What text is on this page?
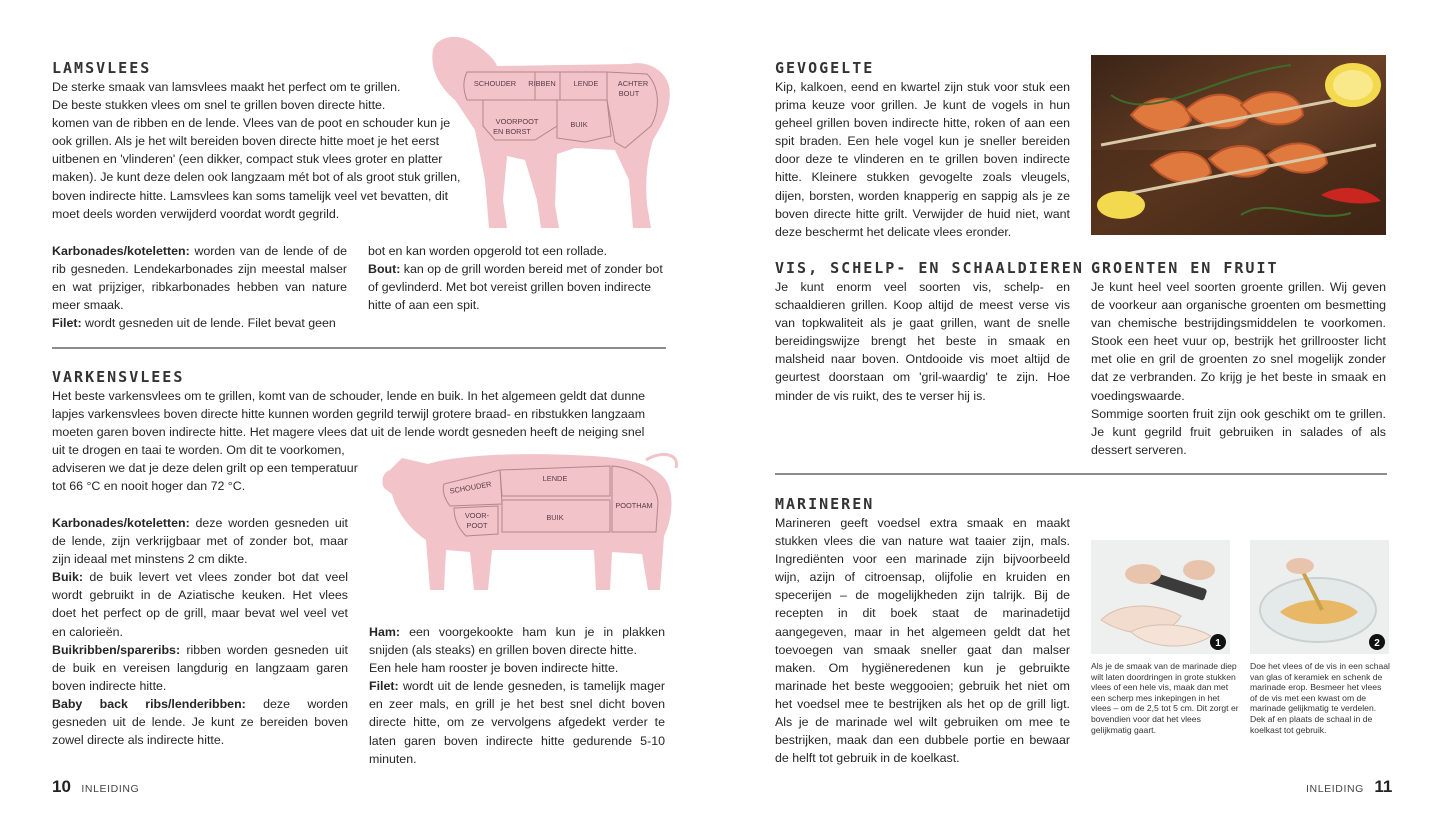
SCHOUDER RIBBEN LENDE	ACHTER
BOUT
VOORPOOT
EN BORST
BUIK
LAMSVLEES

De sterke smaak van lamsvlees maakt het perfect om te grillen.

De beste stukken vlees om snel te grillen boven directe hitte.

komen van de ribben en de lende. Vlees van de poot en schouder kun je

ook grillen. Als je het wilt bereiden boven directe hitte moet je het eerst

uitbenen en 'vlinderen' (een dikker, compact stuk vlees groter en platter

maken). Je kunt deze delen ook langzaam mét bot of als groot stuk grillen,

boven indirecte hitte. Lamsvlees kan soms tamelijk veel vet bevatten, dit

moet deels worden verwijderd voordat wordt gegrild.

Karbonades/koteletten: worden van de lende of de rib gesneden. Lendekarbonades zijn meestal malser en wat prijziger, ribkarbonades hebben van nature meer smaak.

Filet: wordt gesneden uit de lende. Filet bevat geen

bot en kan worden opgerold tot een rollade.

Bout: kan op de grill worden bereid met of zonder bot of gevlinderd. Met bot vereist grillen boven indirecte hitte of aan een spit.

SCHOUDER
LENDE
BUIK
POOTHAM
VOOR-
POOT
VARKENSVLEES

Het beste varkensvlees om te grillen, komt van de schouder, lende en buik. In het algemeen geldt dat dunne

lapjes varkensvlees boven directe hitte kunnen worden gegrild terwijl grotere braad- en ribstukken langzaam

moeten garen boven indirecte hitte. Het magere vlees dat uit de lende wordt gesneden heeft de neiging snel

uit te drogen en taai te worden. Om dit te voorkomen,

adviseren we dat je deze delen grilt op een temperatuur

tot 66 °C en nooit hoger dan 72 °C.

Karbonades/koteletten: deze worden gesneden uit de lende, zijn verkrijgbaar met of zonder bot, maar zijn ideaal met minstens 2 cm dikte.

Buik: de buik levert vet vlees zonder bot dat veel wordt gebruikt in de Aziatische keuken. Het vlees doet het perfect op de grill, maar bevat wel veel vet en calorieën.

Buikribben/spareribs: ribben worden gesneden uit de buik en vereisen langdurig en langzaam garen boven indirecte hitte.

Baby back ribs/lenderibben: deze worden gesneden uit de lende. Je kunt ze bereiden boven zowel directe als indirecte hitte.

Ham: een voorgekookte ham kun je in plakken snijden (als steaks) en grillen boven directe hitte.

Een hele ham rooster je boven indirecte hitte.

Filet: wordt uit de lende gesneden, is tamelijk mager en zeer mals, en grill je het best snel dicht boven directe hitte, om ze vervolgens afgedekt verder te laten garen boven indirecte hitte gedurende 5-10 minuten.

10 INLEIDING
GEVOGELTE
Kip, kalkoen, eend en kwartel zijn stuk voor stuk een prima keuze voor grillen. Je kunt de vogels in hun geheel grillen boven indirecte hitte, roken of aan een spit braden. Een hele vogel kun je sneller bereiden door deze te vlinderen en te grillen boven indirecte hitte. Kleinere stukken gevogelte zoals vleugels, dijen, borsten, worden knapperig en sappig als je ze boven directe hitte grilt. Verwijder de huid niet, want deze beschermt het delicate vlees eronder.
VIS, SCHELP- EN SCHAALDIEREN
Je kunt enorm veel soorten vis, schelp- en schaaldieren grillen. Koop altijd de meest verse vis van topkwaliteit als je gaat grillen, want de snelle bereidingswijze brengt het beste in smaak en malsheid naar boven. Ontdooide vis moet altijd de geurtest doorstaan om 'gril-waardig' te zijn. Hoe minder de vis ruikt, des te verser hij is.
GROENTEN EN FRUIT

Je kunt heel veel soorten groente grillen. Wij geven de voorkeur aan organische groenten om besmetting van chemische bestrijdingsmiddelen te voorkomen. Stook een heet vuur op, bestrijk het grillrooster licht met olie en gril de groenten zo snel mogelijk zonder dat ze verbranden. Zo krijg je het beste in smaak en voedingswaarde.

Sommige soorten fruit zijn ook geschikt om te grillen. Je kunt gegrild fruit gebruiken in salades of als dessert serveren.

MARINEREN
Marineren geeft voedsel extra smaak en maakt stukken vlees die van nature wat taaier zijn, mals. Ingrediënten voor een marinade zijn bijvoorbeeld wijn, azijn of citroensap, olijfolie en kruiden en specerijen – de mogelijkheden zijn talrijk. Bij de recepten in dit boek staat de marinadetijd aangegeven, maar in het algemeen geldt dat het toevoegen van smaak sneller gaat dan malser maken. Om hygiëneredenen kun je gebruikte marinade het beste weggooien; gebruik het niet om het voedsel mee te bestrijken als het op de grill ligt. Als je de marinade wel wilt gebruiken om mee te bestrijken, maak dan een dubbele portie en bewaar de helft tot gebruik in de koelkast.
1
Als je de smaak van de marinade diep wilt laten doordringen in grote stukken vlees of een hele vis, maak dan met een scherp mes inkepingen in het vlees – om de 2,5 tot 5 cm. Dit zorgt er bovendien voor dat het vlees gelijkmatig gaart.
2
Doe het vlees of de vis in een schaal van glas of keramiek en schenk de marinade erop. Besmeer het vlees of de vis met een kwast om de marinade gelijkmatig te verdelen. Dek af en plaats de schaal in de koelkast tot gebruik.
INLEIDING 11
